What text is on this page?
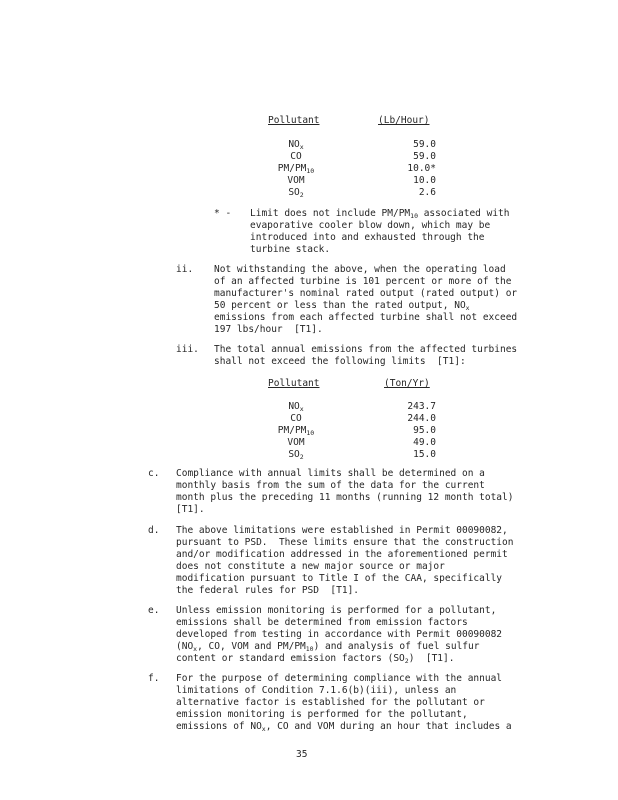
Pollutant	(Lb/Hour)
$NO_x$	59.0
CO	59.0
$PM/PM_{10}$	10.0*
VOM	10.0
$SO_2$	2.6
* - Limit does not include $PM/PM_{10}$ associated with
evaporative cooler blow down, which may be
introduced into and exhausted through the
turbine stack.
ii. Not withstanding the above, when the operating load
of an affected turbine is 101 percent or more of the
manufacturer's nominal rated output (rated output) or
50 percent or less than the rated output, $NO_x$
emissions from each affected turbine shall not exceed
197 lbs/hour  [T1].
iii. The total annual emissions from the affected turbines
shall not exceed the following limits  [T1]:
Pollutant	(Ton/Yr)
$NO_x$	243.7
CO	244.0
$PM/PM_{10}$	95.0
VOM	49.0
$SO_2$	15.0
c. Compliance with annual limits shall be determined on a
monthly basis from the sum of the data for the current
month plus the preceding 11 months (running 12 month total)
[T1].
d. The above limitations were established in Permit 00090082,
pursuant to PSD.  These limits ensure that the construction
and/or modification addressed in the aforementioned permit
does not constitute a new major source or major
modification pursuant to Title I of the CAA, specifically
the federal rules for PSD  [T1].
e. Unless emission monitoring is performed for a pollutant,
emissions shall be determined from emission factors
developed from testing in accordance with Permit 00090082
($NO_x$, CO, VOM and $PM/PM_{10}$) and analysis of fuel sulfur
content or standard emission factors $(SO_2)$  [T1].
f. For the purpose of determining compliance with the annual
limitations of Condition 7.1.6(b)(iii), unless an
alternative factor is established for the pollutant or
emission monitoring is performed for the pollutant,
emissions of $NO_x$, CO and VOM during an hour that includes a
35
